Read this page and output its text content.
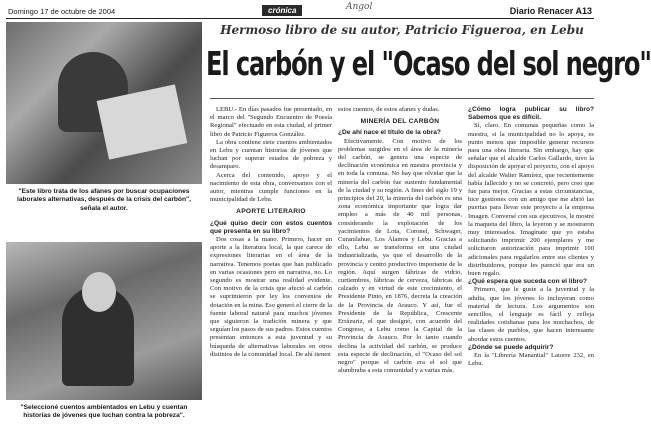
Domingo 17 de octubre de 2004	crónica	Angol	Diario Renacer A13
"Este libro trata de los afanes por buscar ocupaciones laborales alternativas, después de la crisis del carbón", señala el autor.
"Seleccioné cuentos ambientados en Lebu y cuentan historias de jóvenes que luchan contra la pobreza".
Hermoso libro de su autor, Patricio Figueroa, en Lebu
El carbón y el "Ocaso del sol negro"

LEBU.- En días pasados fue presentado, en el marco del "Segundo Encuentro de Poesía Regional" efectuado en esta ciudad, el primer libro de Patricio Figueroa González.

La obra contiene siete cuentos ambientados en Lebu y cuentan historias de jóvenes que luchan por superar estados de pobreza y desamparo.

Acerca del contenido, apoyo y el nacimiento de esta obra, conversamos con el autor, mientras cumple funciones en la municipalidad de Lebu.

APORTE LITERARIO

¿Qué quiso decir con estos cuentos que presenta en su libro?

Dos cosas a la mano. Primero, hacer un aporte a la literatura local, la que carece de expresiones literarias en el área de la narrativa. Tenemos poetas que han publicado en varias ocasiones pero en narrativa, no. Lo segundo es mostrar una realidad evidente. Con motivo de la crisis que afectó al carbón se suprimieron por ley los convenios de dotación en la mina. Eso generó el cierre de la fuente laboral natural para muchos jóvenes que siguieron la tradición minera y que seguían los pasos de sus padres. Estos cuentos presentan entonces a esta juventud y su búsqueda de alternativas laborales en otros distintos de la comunidad local. De ahí tienen

estos cuentos, de estos afanes y dudas.

MINERÍA DEL CARBÓN

¿De ahí nace el título de la obra?

Efectivamente. Con motivo de los problemas surgidos en el área de la minería del carbón, se genera una especie de declinación económica en nuestra provincia y en toda la comuna. No hay que olvidar que la minería del carbón fue sustento fundamental de la ciudad y su región. A fines del siglo 19 y principios del 20, la minería del carbón es una zona económica importante que logra dar empleo a más de 40 mil personas, considerando la explotación de los yacimientos de Lota, Coronel, Schwager, Curanilahue, Los Álamos y Lebu. Gracias a ello, Lebu se transforma en una ciudad industrializada, ya que el desarrollo de la provincia y centro productivo importante de la región. Aquí surgen fábricas de vidrio, curtiembres, fábricas de cerveza, fábricas de calzado y en virtud de este crecimiento, el Presidente Pinto, en 1876, decreta la creación de la Provincia de Arauco. Y así, fue el Presidente de la República, Crescente Errázuriz, el que designó, con acuerdo del Congreso, a Lebu como la Capital de la Provincia de Arauco. Por lo tanto cuando declina la actividad del carbón, se produce esta especie de declinación, el "Ocaso del sol negro" porque el carbón era el sol que alumbraba a esta comunidad y a varias más.

¿Cómo logra publicar su libro? Sabemos que es difícil.

Sí, claro. En comunas pequeñas como la nuestra, si la municipalidad no lo apoya, es punto menos que imposible generar recursos para una obra literaria. Sin embargo, hay que señalar que el alcalde Carlos Gallardo, tuvo la disposición de apoyar el proyecto, con el apoyo del alcalde Walter Ramírez, que recientemente había fallecido y no se concretó, pero creo que fue para mejor. Gracias a estas circunstancias, hice gestiones con un amigo que me abrió las puertas para llevar este proyecto a la empresa Imagen. Conversé con sus ejecutivos, le mostré la maqueta del libro, la leyeron y se mostraron muy interesados. Imagínate que yo estaba solicitando imprimir 200 ejemplares y me solicitaron autorización para imprimir 100 adicionales para regalarlos entre sus clientes y distribuidores, porque les pareció que era un buen regalo.

¿Qué espera que suceda con el libro?

Primero, que le guste a la juventud y la adulta, que los jóvenes lo incluyeran como material de lectura. Los argumentos son sencillos, el lenguaje es fácil y refleja realidades cotidianas para los muchachos, de las clases de pueblos, que hacen interesante abordar estos cuentos.

¿Dónde se puede adquirir?

En la "Librería Manantial" Latorre 232, en Lebu.
